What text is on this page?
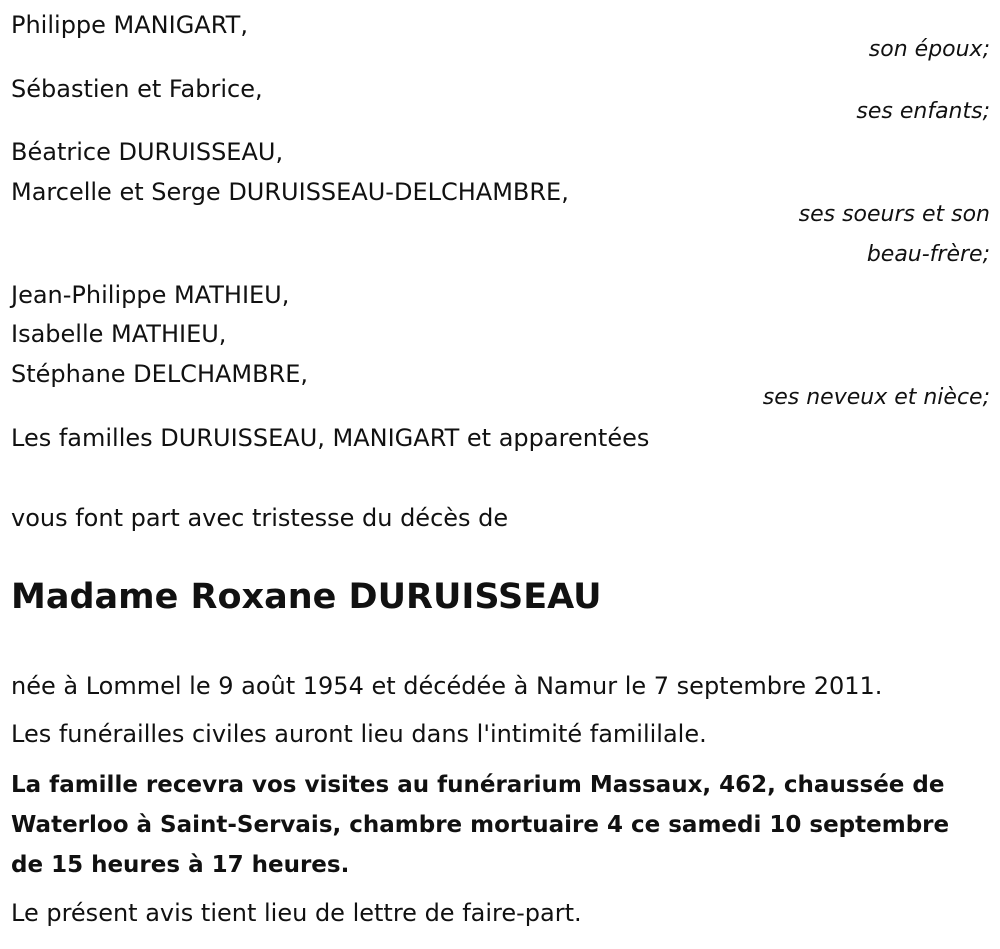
Philippe MANIGART,
son époux;
Sébastien et Fabrice,
ses enfants;
Béatrice DURUISSEAU,
Marcelle et Serge DURUISSEAU-DELCHAMBRE,
ses soeurs et son
beau-frère;
Jean-Philippe MATHIEU,
Isabelle MATHIEU,
Stéphane DELCHAMBRE,
ses neveux et nièce;
Les familles DURUISSEAU, MANIGART et apparentées
vous font part avec tristesse du décès de
Madame Roxane DURUISSEAU
née à Lommel le 9 août 1954 et décédée à Namur le 7 septembre 2011.
Les funérailles civiles auront lieu dans l'intimité famililale.
La famille recevra vos visites au funérarium Massaux, 462, chaussée de Waterloo à Saint-Servais, chambre mortuaire 4 ce samedi 10 septembre de 15 heures à 17 heures.
Le présent avis tient lieu de lettre de faire-part.
